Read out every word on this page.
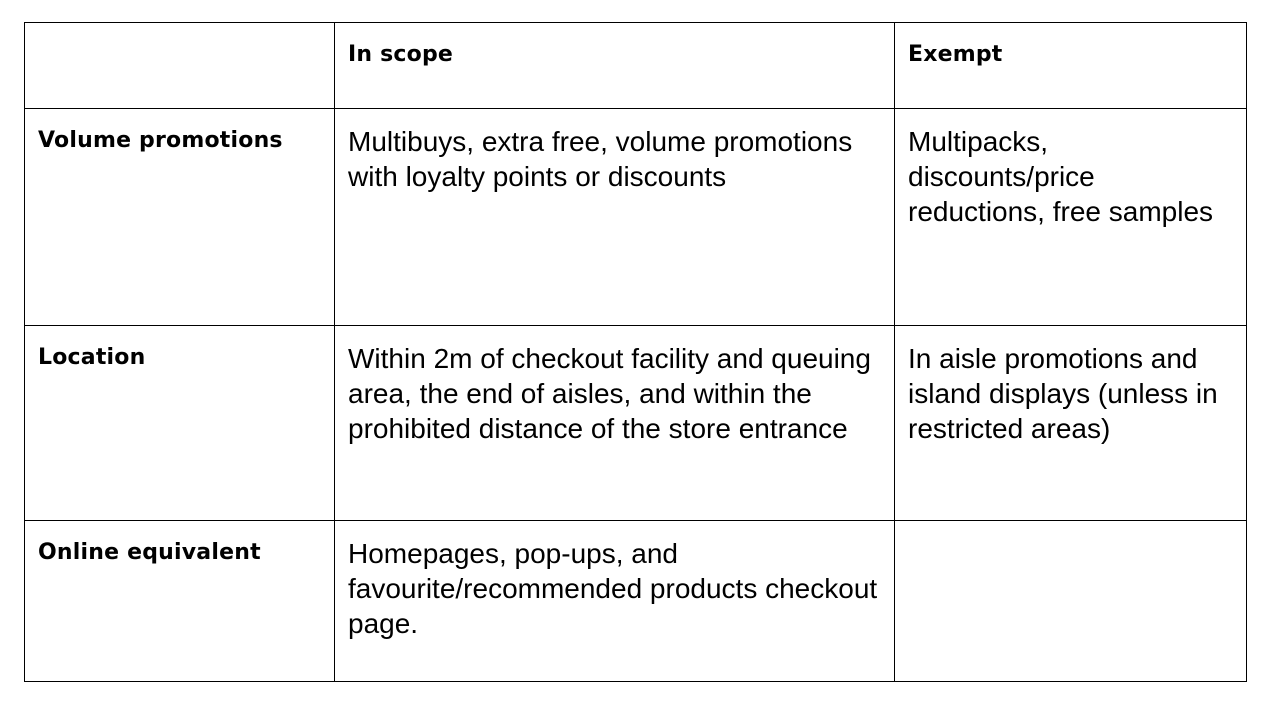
	In scope	Exempt

Volume promotions	Multibuys, extra free, volume promotions with loyalty points or discounts	Multipacks, discounts/price reductions, free samples

Location	Within 2m of checkout facility and queuing area, the end of aisles, and within the prohibited distance of the store entrance	In aisle promotions and island displays (unless in restricted areas)

Online equivalent	Homepages, pop-ups, and favourite/recommended products checkout page.	
